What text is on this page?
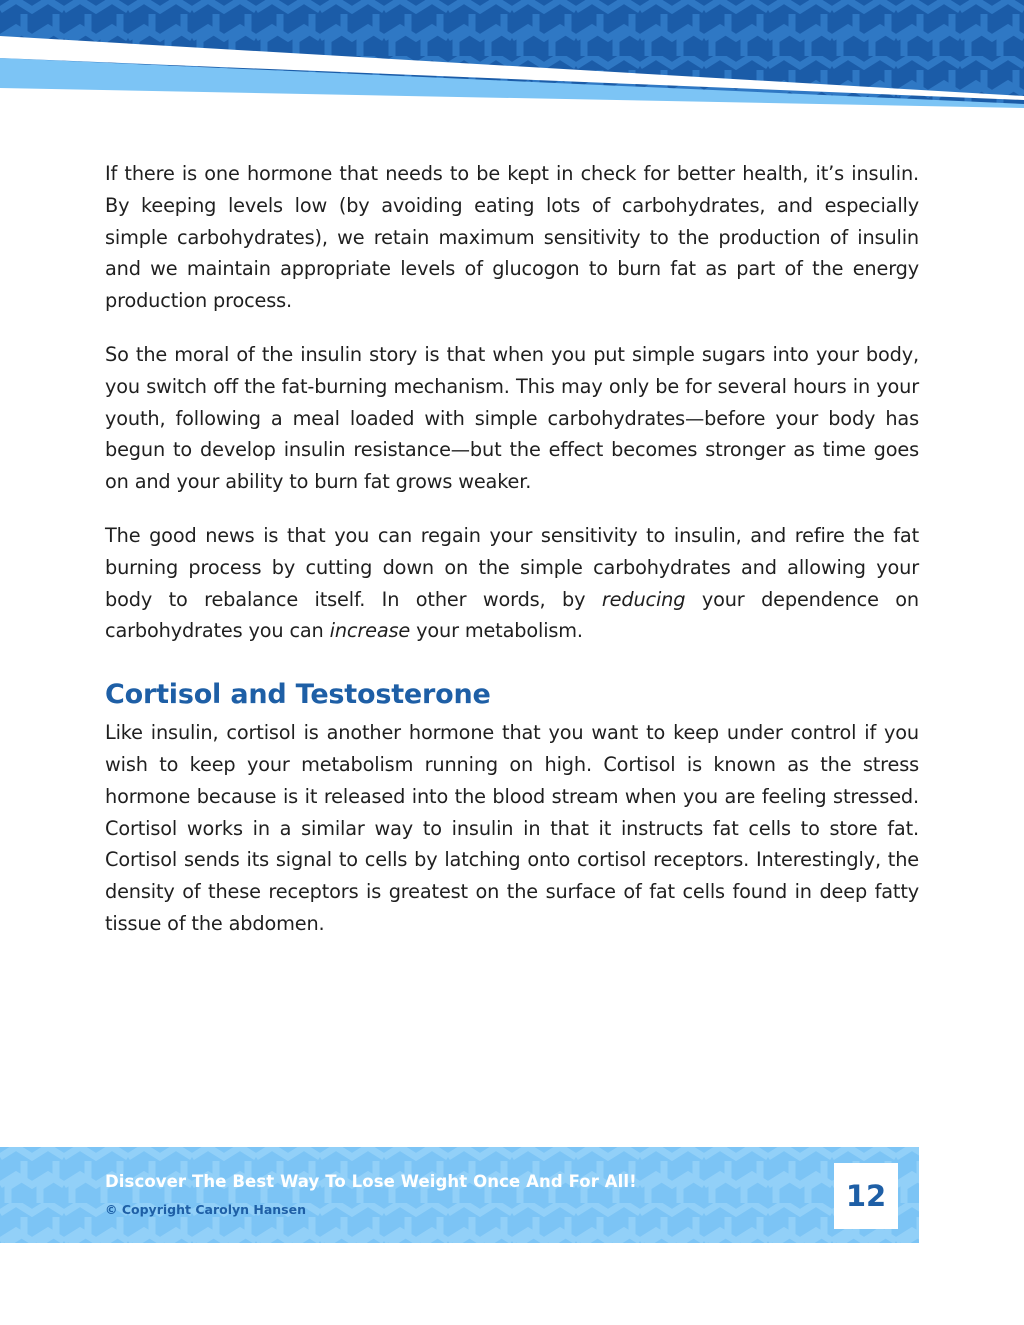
If there is one hormone that needs to be kept in check for better health, it’s insulin. By keeping levels low (by avoiding eating lots of carbohydrates, and especially simple carbohydrates), we retain maximum sensitivity to the production of insulin and we maintain appropriate levels of glucogon to burn fat as part of the energy production process.

So the moral of the insulin story is that when you put simple sugars into your body, you switch off the fat-burning mechanism. This may only be for several hours in your youth, following a meal loaded with simple carbohydrates—before your body has begun to develop insulin resistance—but the effect becomes stronger as time goes on and your ability to burn fat grows weaker.

The good news is that you can regain your sensitivity to insulin, and refire the fat burning process by cutting down on the simple carbohydrates and allowing your body to rebalance itself. In other words, by reducing your dependence on carbohydrates you can increase your metabolism.

Cortisol and Testosterone

Like insulin, cortisol is another hormone that you want to keep under control if you wish to keep your metabolism running on high. Cortisol is known as the stress hormone because is it released into the blood stream when you are feeling stressed. Cortisol works in a similar way to insulin in that it instructs fat cells to store fat. Cortisol sends its signal to cells by latching onto cortisol receptors. Interestingly, the density of these receptors is greatest on the surface of fat cells found in deep fatty tissue of the abdomen.

Discover The Best Way To Lose Weight Once And For All!
© Copyright Carolyn Hansen	12
